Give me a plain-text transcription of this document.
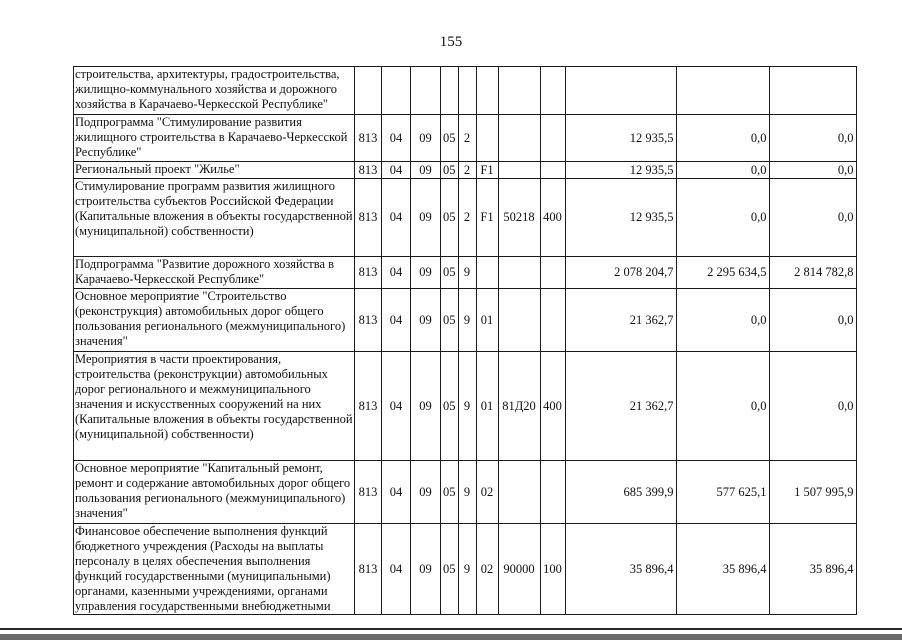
155
строительства, архитектуры, градостроительства, жилищно-коммунального хозяйства и дорожного хозяйства в Карачаево-Черкесской Республике"											
Подпрограмма "Стимулирование развития жилищного строительства в Карачаево-Черкесской Республике"	813	04	09	05	2				12 935,5	0,0	0,0
Региональный проект "Жилье"	813	04	09	05	2	F1			12 935,5	0,0	0,0
Стимулирование программ развития жилищного строительства субъектов Российской Федерации (Капитальные вложения в объекты государственной (муниципальной) собственности)	813	04	09	05	2	F1	50218	400	12 935,5	0,0	0,0
Подпрограмма "Развитие дорожного хозяйства в Карачаево-Черкесской Республике"	813	04	09	05	9				2 078 204,7	2 295 634,5	2 814 782,8
Основное мероприятие "Строительство (реконструкция) автомобильных дорог общего пользования регионального (межмуниципального) значения"	813	04	09	05	9	01			21 362,7	0,0	0,0
Мероприятия в части проектирования, строительства (реконструкции) автомобильных дорог регионального и межмуниципального значения и искусственных сооружений на них (Капитальные вложения в объекты государственной (муниципальной) собственности)	813	04	09	05	9	01	81Д20	400	21 362,7	0,0	0,0
Основное мероприятие "Капитальный ремонт, ремонт и содержание автомобильных дорог общего пользования регионального (межмуниципального) значения"	813	04	09	05	9	02			685 399,9	577 625,1	1 507 995,9
Финансовое обеспечение выполнения функций бюджетного учреждения (Расходы на выплаты персоналу в целях обеспечения выполнения функций государственными (муниципальными) органами, казенными учреждениями, органами управления государственными внебюджетными	813	04	09	05	9	02	90000	100	35 896,4	35 896,4	35 896,4
